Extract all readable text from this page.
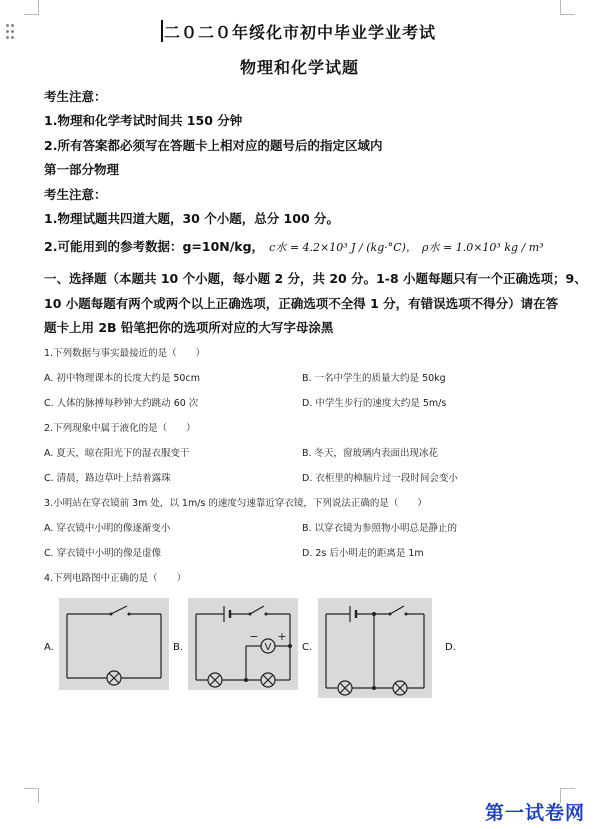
二０二０年绥化市初中毕业学业考试
物理和化学试题
考生注意：
1.物理和化学考试时间共 150 分钟
2.所有答案都必须写在答题卡上相对应的题号后的指定区域内
第一部分物理
考生注意：
1.物理试题共四道大题，30 个小题，总分 100 分。
2.可能用到的参考数据：g=10N/kg， c水 = 4.2×10³ J / (kg·°C)， ρ水 = 1.0×10³ kg / m³
一、选择题（本题共 10 个小题，每小题 2 分，共 20 分。1-8 小题每题只有一个正确选项；9、
10 小题每题有两个或两个以上正确选项，正确选项不全得 1 分，有错误选项不得分）请在答
题卡上用 2B 铅笔把你的选项所对应的大写字母涂黑
1.下列数据与事实最接近的是（　　）
A. 初中物理课本的长度大约是 50cm	B. 一名中学生的质量大约是 50kg
C. 人体的脉搏每秒钟大约跳动 60 次	D. 中学生步行的速度大约是 5m/s
2.下列现象中属于液化的是（　　）
A. 夏天，晾在阳光下的湿衣服变干	B. 冬天，窗玻璃内表面出现冰花
C. 清晨，路边草叶上结着露珠	D. 衣柜里的樟脑片过一段时间会变小
3.小明站在穿衣镜前 3m 处，以 1m/s 的速度匀速靠近穿衣镜，下列说法正确的是（　　）
A. 穿衣镜中小明的像逐渐变小	B. 以穿衣镜为参照物小明总是静止的
C. 穿衣镜中小明的像是虚像	D. 2s 后小明走的距离是 1m
4.下列电路图中正确的是（　　）
A.	B.	C.	D.
V
− +
第一试卷网
